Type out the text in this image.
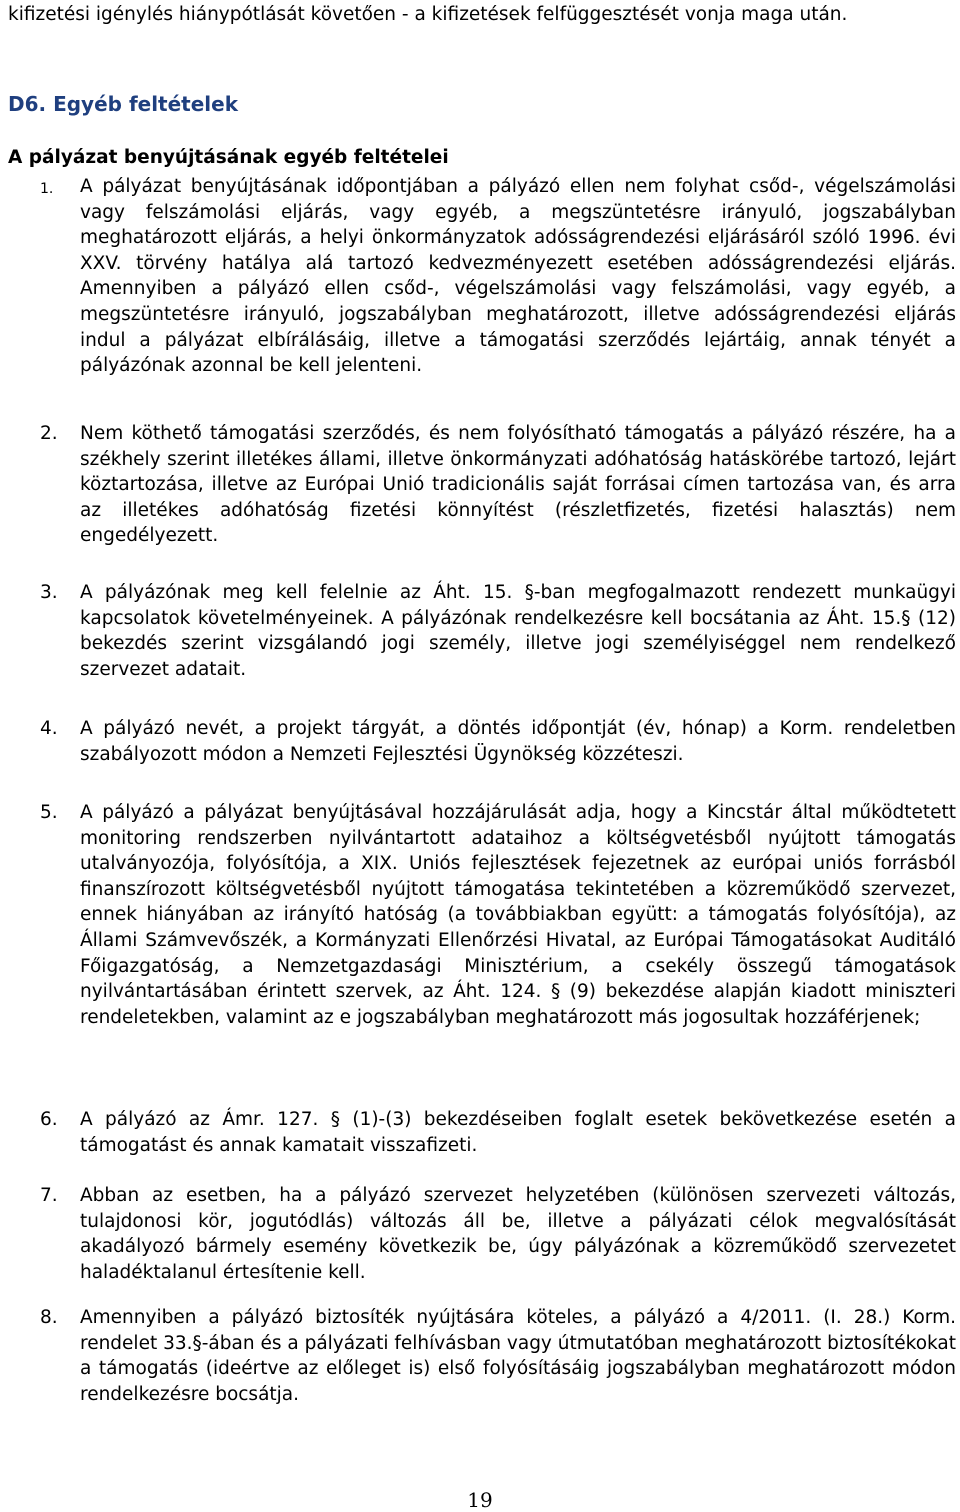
kifizetési igénylés hiánypótlását követően - a kifizetések felfüggesztését vonja maga után.

D6. Egyéb feltételek
A pályázat benyújtásának egyéb feltételei
1.	A pályázat benyújtásának időpontjában a pályázó ellen nem folyhat csőd-, végelszámolási vagy felszámolási eljárás, vagy egyéb, a megszüntetésre irányuló, jogszabályban meghatározott eljárás, a helyi önkormányzatok adósságrendezési eljárásáról szóló 1996. évi XXV. törvény hatálya alá tartozó kedvezményezett esetében adósságrendezési eljárás. Amennyiben a pályázó ellen csőd-, végelszámolási vagy felszámolási, vagy egyéb, a megszüntetésre irányuló, jogszabályban meghatározott, illetve adósságrendezési eljárás indul a pályázat elbírálásáig, illetve a támogatási szerződés lejártáig, annak tényét a pályázónak azonnal be kell jelenteni.
2.	Nem köthető támogatási szerződés, és nem folyósítható támogatás a pályázó részére, ha a székhely szerint illetékes állami, illetve önkormányzati adóhatóság hatáskörébe tartozó, lejárt köztartozása, illetve az Európai Unió tradicionális saját forrásai címen tartozása van, és arra az illetékes adóhatóság fizetési könnyítést (részletfizetés, fizetési halasztás) nem engedélyezett.
3.	A pályázónak meg kell felelnie az Áht. 15. §-ban megfogalmazott rendezett munkaügyi kapcsolatok követelményeinek. A pályázónak rendelkezésre kell bocsátania az Áht. 15.§ (12) bekezdés szerint vizsgálandó jogi személy, illetve jogi személyiséggel nem rendelkező szervezet adatait.
4.	A pályázó nevét, a projekt tárgyát, a döntés időpontját (év, hónap) a Korm. rendeletben szabályozott módon a Nemzeti Fejlesztési Ügynökség közzéteszi.
5.	A pályázó a pályázat benyújtásával hozzájárulását adja, hogy a Kincstár által működtetett monitoring rendszerben nyilvántartott adataihoz a költségvetésből nyújtott támogatás utalványozója, folyósítója, a XIX. Uniós fejlesztések fejezetnek az európai uniós forrásból finanszírozott költségvetésből nyújtott támogatása tekintetében a közreműködő szervezet, ennek hiányában az irányító hatóság (a továbbiakban együtt: a támogatás folyósítója), az Állami Számvevőszék, a Kormányzati Ellenőrzési Hivatal, az Európai Támogatásokat Auditáló Főigazgatóság, a Nemzetgazdasági Minisztérium, a csekély összegű támogatások nyilvántartásában érintett szervek, az Áht. 124. § (9) bekezdése alapján kiadott miniszteri rendeletekben, valamint az e jogszabályban meghatározott más jogosultak hozzáférjenek;
6.	A pályázó az Ámr. 127. § (1)-(3) bekezdéseiben foglalt esetek bekövetkezése esetén a támogatást és annak kamatait visszafizeti.
7.	Abban az esetben, ha a pályázó szervezet helyzetében (különösen szervezeti változás, tulajdonosi kör, jogutódlás) változás áll be, illetve a pályázati célok megvalósítását akadályozó bármely esemény következik be, úgy pályázónak a közreműködő szervezetet haladéktalanul értesítenie kell.
8.	Amennyiben a pályázó biztosíték nyújtására köteles, a pályázó a 4/2011. (I. 28.) Korm. rendelet 33.§-ában és a pályázati felhívásban vagy útmutatóban meghatározott biztosítékokat a támogatás (ideértve az előleget is) első folyósításáig jogszabályban meghatározott módon rendelkezésre bocsátja.
19
